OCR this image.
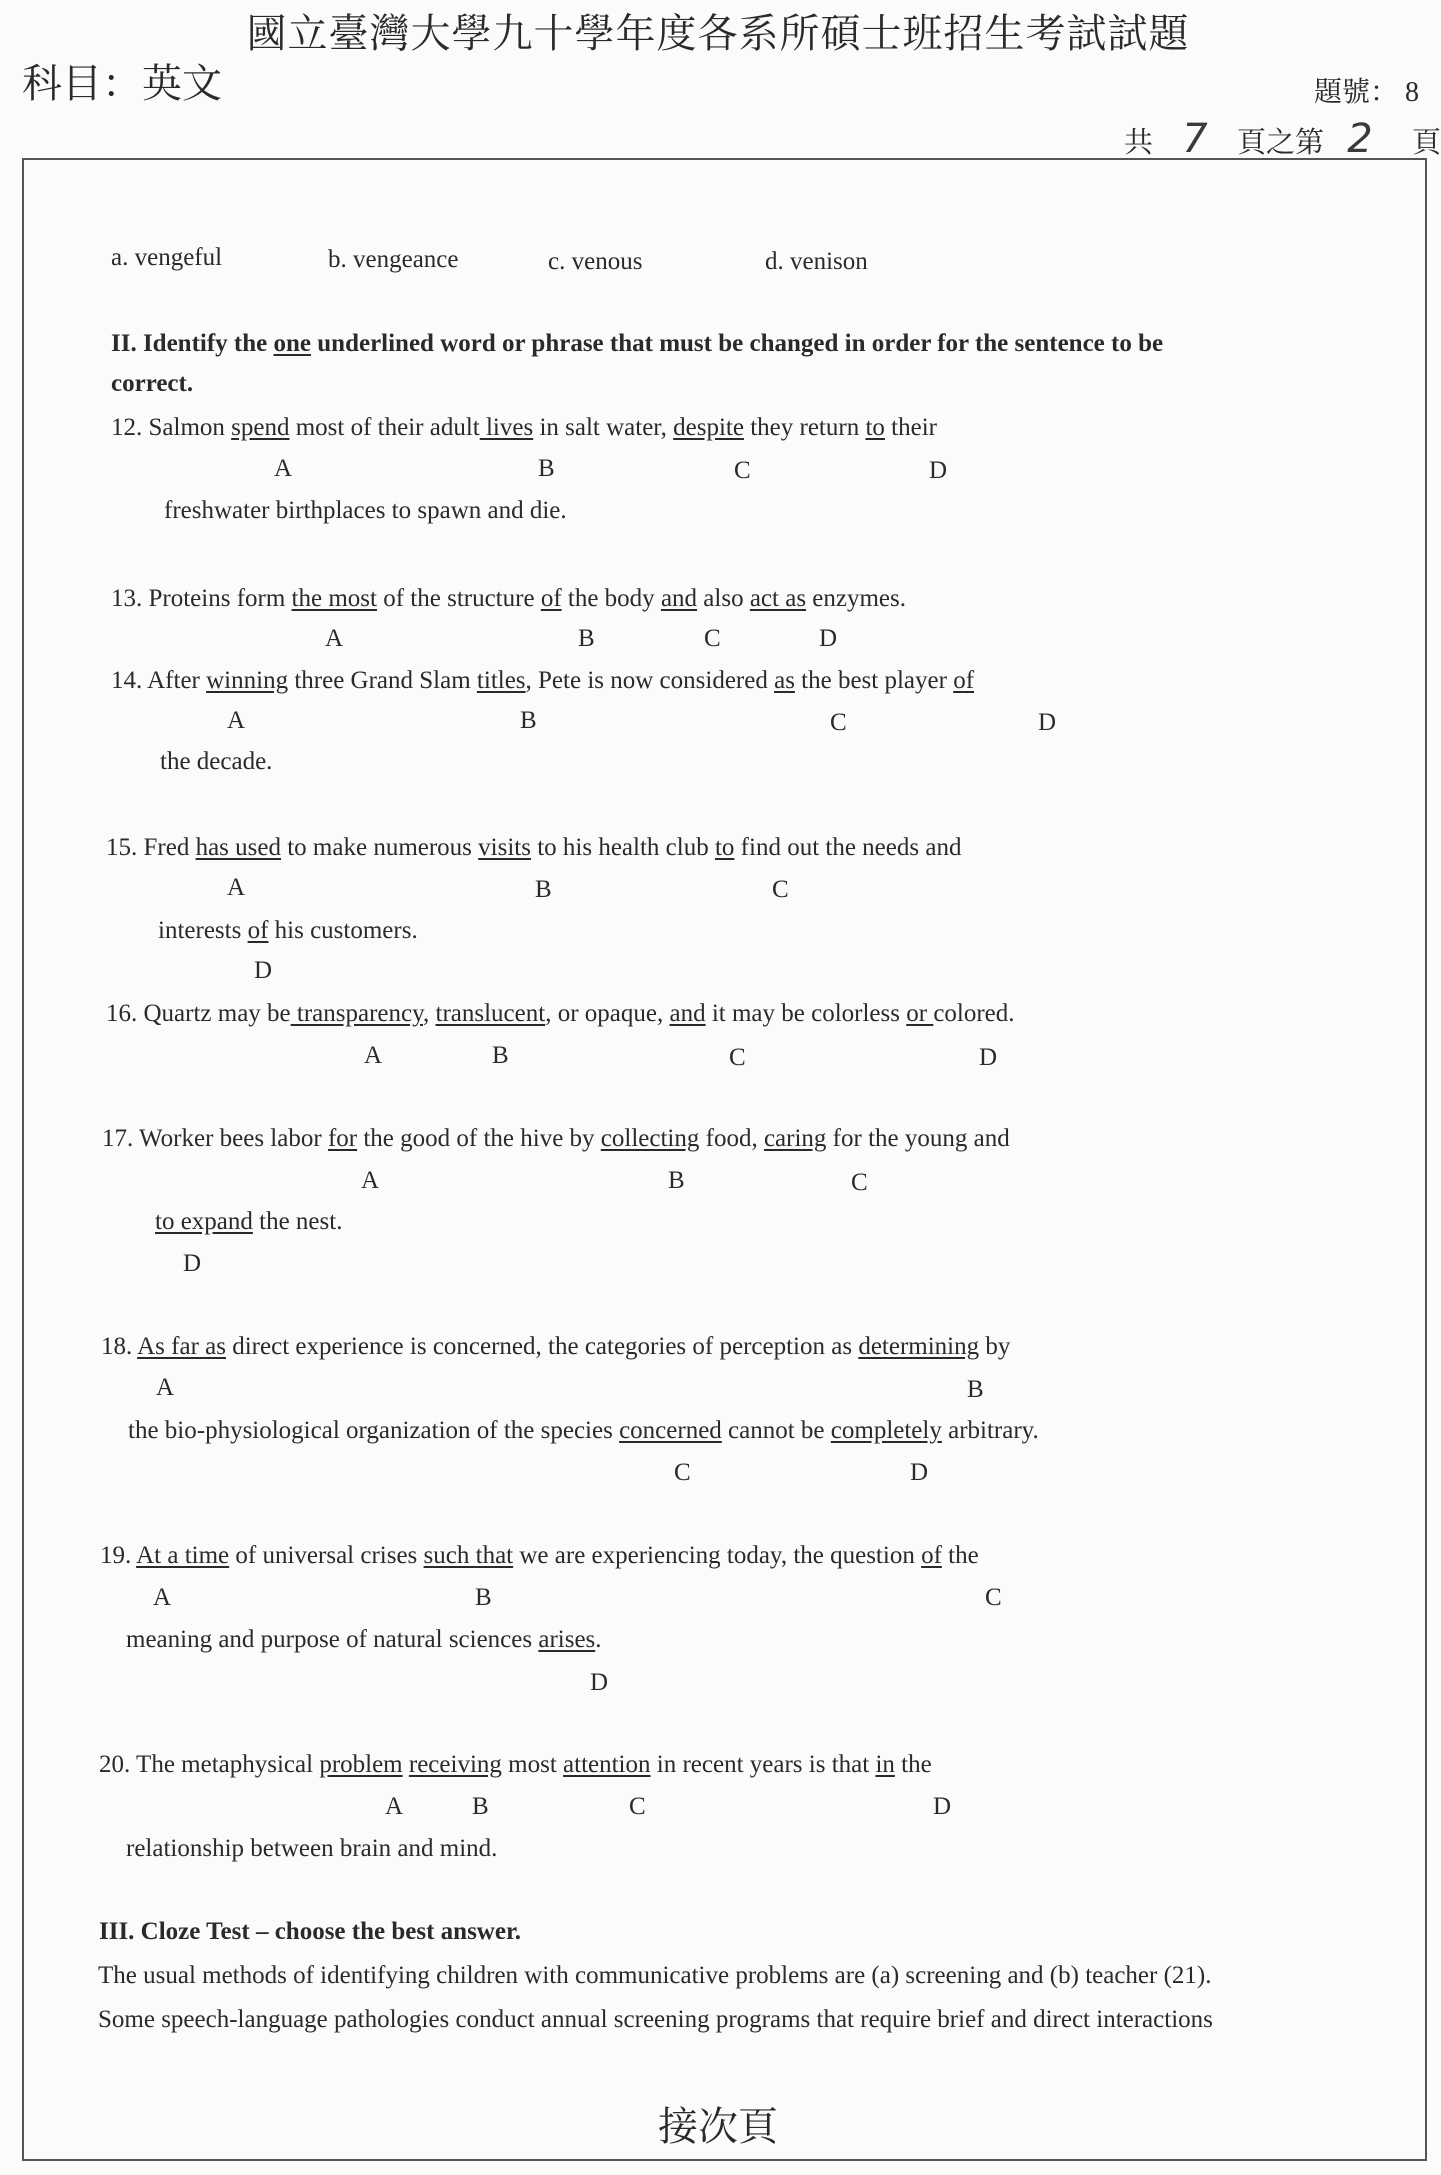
國立臺灣大學九十學年度各系所碩士班招生考試試題
科目：英文	題號： 8
共 7 頁之第 2 頁
a. vengeful	b. vengeance	c. venous	d. venison
II. Identify the one underlined word or phrase that must be changed in order for the sentence to be
correct.
12. Salmon spend most of their adult lives in salt water, despite they return to their
A	B	C	D
freshwater birthplaces to spawn and die.
13. Proteins form the most of the structure of the body and also act as enzymes.
A	B	C	D
14. After winning three Grand Slam titles, Pete is now considered as the best player of
A	B	C	D
the decade.
15. Fred has used to make numerous visits to his health club to find out the needs and
A	B	C
interests of his customers.
D
16. Quartz may be transparency, translucent, or opaque, and it may be colorless or colored.
A	B	C	D
17. Worker bees labor for the good of the hive by collecting food, caring for the young and
A	B	C
to expand the nest.
D
18. As far as direct experience is concerned, the categories of perception as determining by
A	B
the bio-physiological organization of the species concerned cannot be completely arbitrary.
C	D
19. At a time of universal crises such that we are experiencing today, the question of the
A	B	C
meaning and purpose of natural sciences arises.
D
20. The metaphysical problem receiving most attention in recent years is that in the
A	B	C	D
relationship between brain and mind.
III. Cloze Test – choose the best answer.
The usual methods of identifying children with communicative problems are (a) screening and (b) teacher (21).
Some speech-language pathologies conduct annual screening programs that require brief and direct interactions
接次頁
